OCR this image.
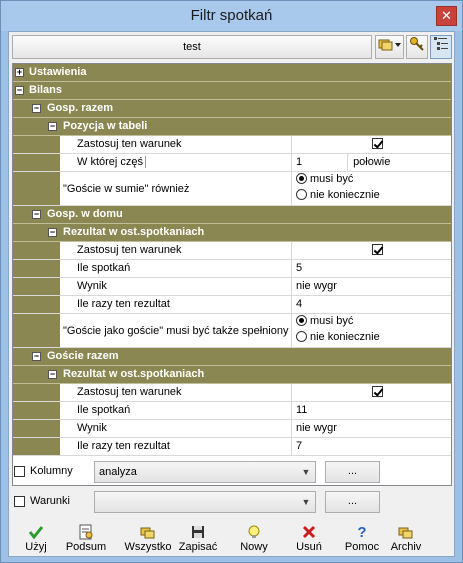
Filtr spotkań	✕
test
+ Ustawienia
− Bilans
− Gosp. razem
− Pozycja w tabeli
Zastosuj ten warunek
W której częś	1	połowie
"Goście w sumie" również
musi być
nie koniecznie
− Gosp. w domu
− Rezultat w ost.spotkaniach
Zastosuj ten warunek
Ile spotkań	5
Wynik	nie wygr
Ile razy ten rezultat	4
"Goście jako goście" musi być także spełniony
musi być
nie koniecznie
− Goście razem
− Rezultat w ost.spotkaniach
Zastosuj ten warunek
Ile spotkań	11
Wynik	nie wygr
Ile razy ten rezultat	7
Kolumny	analyza	▼	...
Warunki	▼	...
Użyj	Podsum	Wszystko Zapisać	Nowy	Usuń
?
Pomoc	Archiv
